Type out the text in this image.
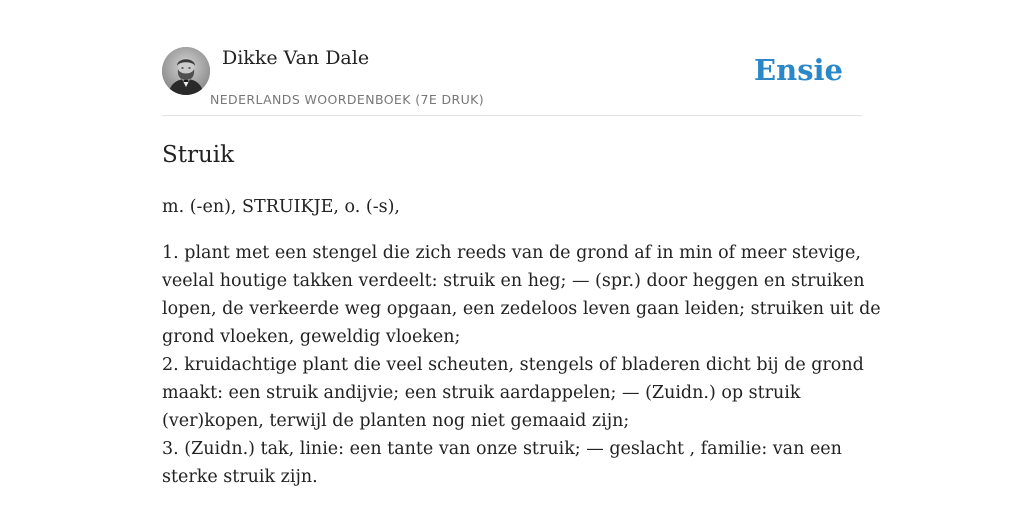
Dikke Van Dale
NEDERLANDS WOORDENBOEK (7E DRUK)
Ensie
Struik

m. (-en), STRUIKJE, o. (-s),

1. plant met een stengel die zich reeds van de grond af in min of meer stevige,
veelal houtige takken verdeelt: struik en heg; — (spr.) door heggen en struiken
lopen, de verkeerde weg opgaan, een zedeloos leven gaan leiden; struiken uit de
grond vloeken, geweldig vloeken;
2. kruidachtige plant die veel scheuten, stengels of bladeren dicht bij de grond
maakt: een struik andijvie; een struik aardappelen; — (Zuidn.) op struik
(ver)kopen, terwijl de planten nog niet gemaaid zijn;
3. (Zuidn.) tak, linie: een tante van onze struik; — geslacht , familie: van een
sterke struik zijn.
